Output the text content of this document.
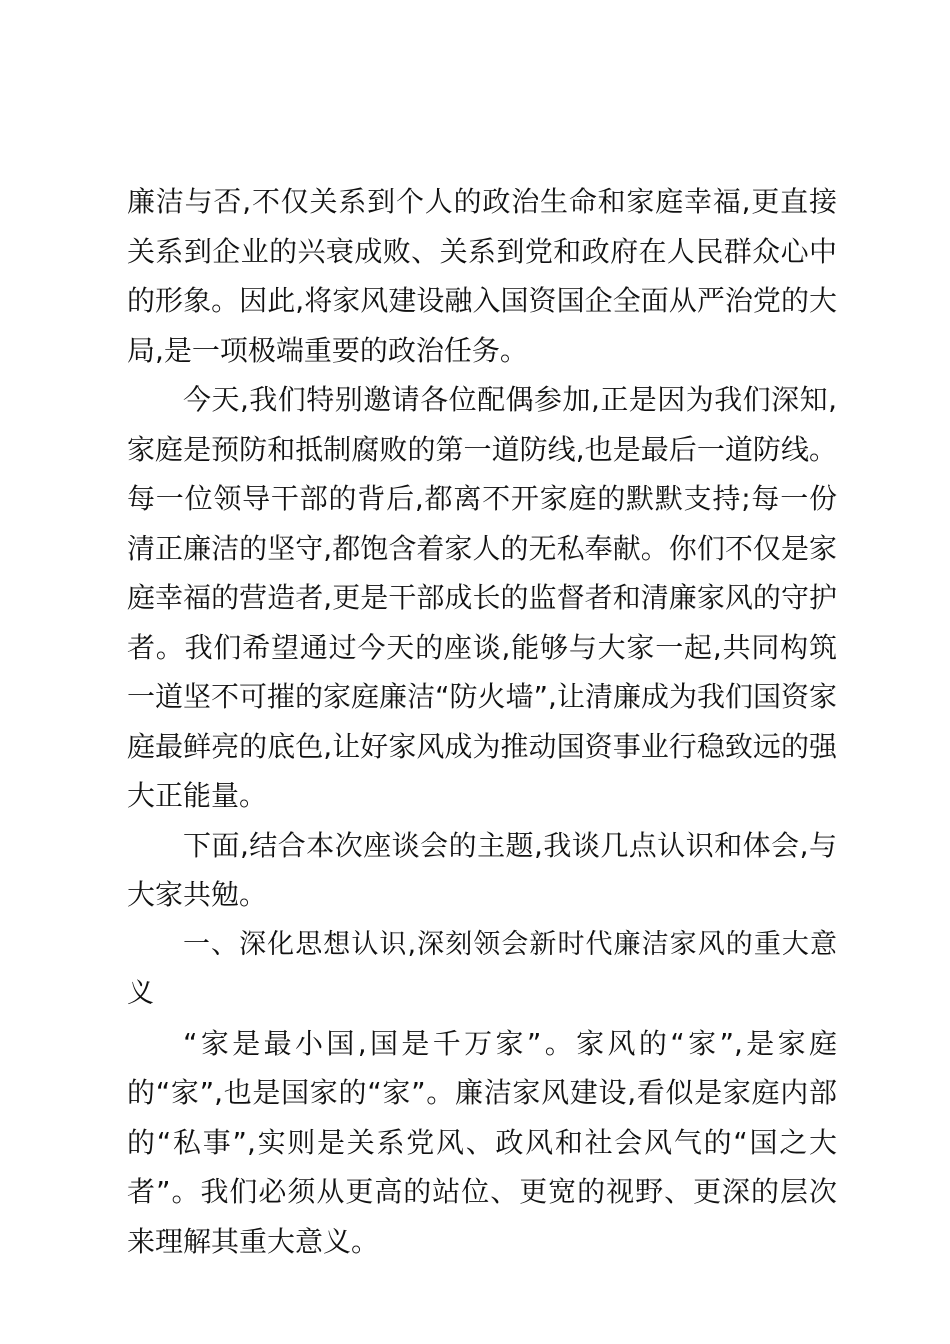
廉洁与否,不仅关系到个人的政治生命和家庭幸福,更直接关系到企业的兴衰成败、关系到党和政府在人民群众心中的形象。因此,将家风建设融入国资国企全面从严治党的大局,是一项极端重要的政治任务。

今天,我们特别邀请各位配偶参加,正是因为我们深知,家庭是预防和抵制腐败的第一道防线,也是最后一道防线。每一位领导干部的背后,都离不开家庭的默默支持;每一份清正廉洁的坚守,都饱含着家人的无私奉献。你们不仅是家庭幸福的营造者,更是干部成长的监督者和清廉家风的守护者。我们希望通过今天的座谈,能够与大家一起,共同构筑一道坚不可摧的家庭廉洁“防火墙”,让清廉成为我们国资家庭最鲜亮的底色,让好家风成为推动国资事业行稳致远的强大正能量。

下面,结合本次座谈会的主题,我谈几点认识和体会,与大家共勉。

一、深化思想认识,深刻领会新时代廉洁家风的重大意义

“家是最小国,国是千万家”。家风的“家”,是家庭的“家”,也是国家的“家”。廉洁家风建设,看似是家庭内部的“私事”,实则是关系党风、政风和社会风气的“国之大者”。我们必须从更高的站位、更宽的视野、更深的层次来理解其重大意义。
